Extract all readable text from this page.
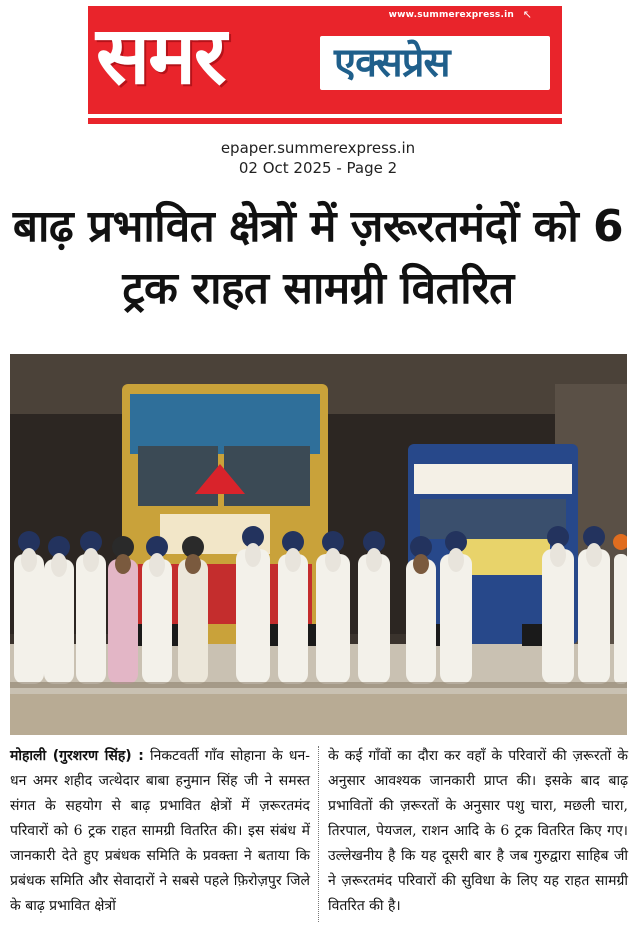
www.summerexpress.in ↖
समर	एक्सप्रेस
epaper.summerexpress.in
02 Oct 2025 - Page 2
बाढ़ प्रभावित क्षेत्रों में ज़रूरतमंदों को 6 ट्रक राहत सामग्री वितरित

मोहाली (गुरशरण सिंह) : निकटवर्ती गाँव सोहाना के धन-धन अमर शहीद जत्थेदार बाबा हनुमान सिंह जी ने समस्त संगत के सहयोग से बाढ़ प्रभावित क्षेत्रों में ज़रूरतमंद परिवारों को 6 ट्रक राहत सामग्री वितरित की। इस संबंध में जानकारी देते हुए प्रबंधक समिति के प्रवक्ता ने बताया कि प्रबंधक समिति और सेवादारों ने सबसे पहले फ़िरोज़पुर जिले के बाढ़ प्रभावित क्षेत्रों

के कई गाँवों का दौरा कर वहाँ के परिवारों की ज़रूरतों के अनुसार आवश्यक जानकारी प्राप्त की। इसके बाद बाढ़ प्रभावितों की ज़रूरतों के अनुसार पशु चारा, मछली चारा, तिरपाल, पेयजल, राशन आदि के 6 ट्रक वितरित किए गए। उल्लेखनीय है कि यह दूसरी बार है जब गुरुद्वारा साहिब जी ने ज़रूरतमंद परिवारों की सुविधा के लिए यह राहत सामग्री वितरित की है।
